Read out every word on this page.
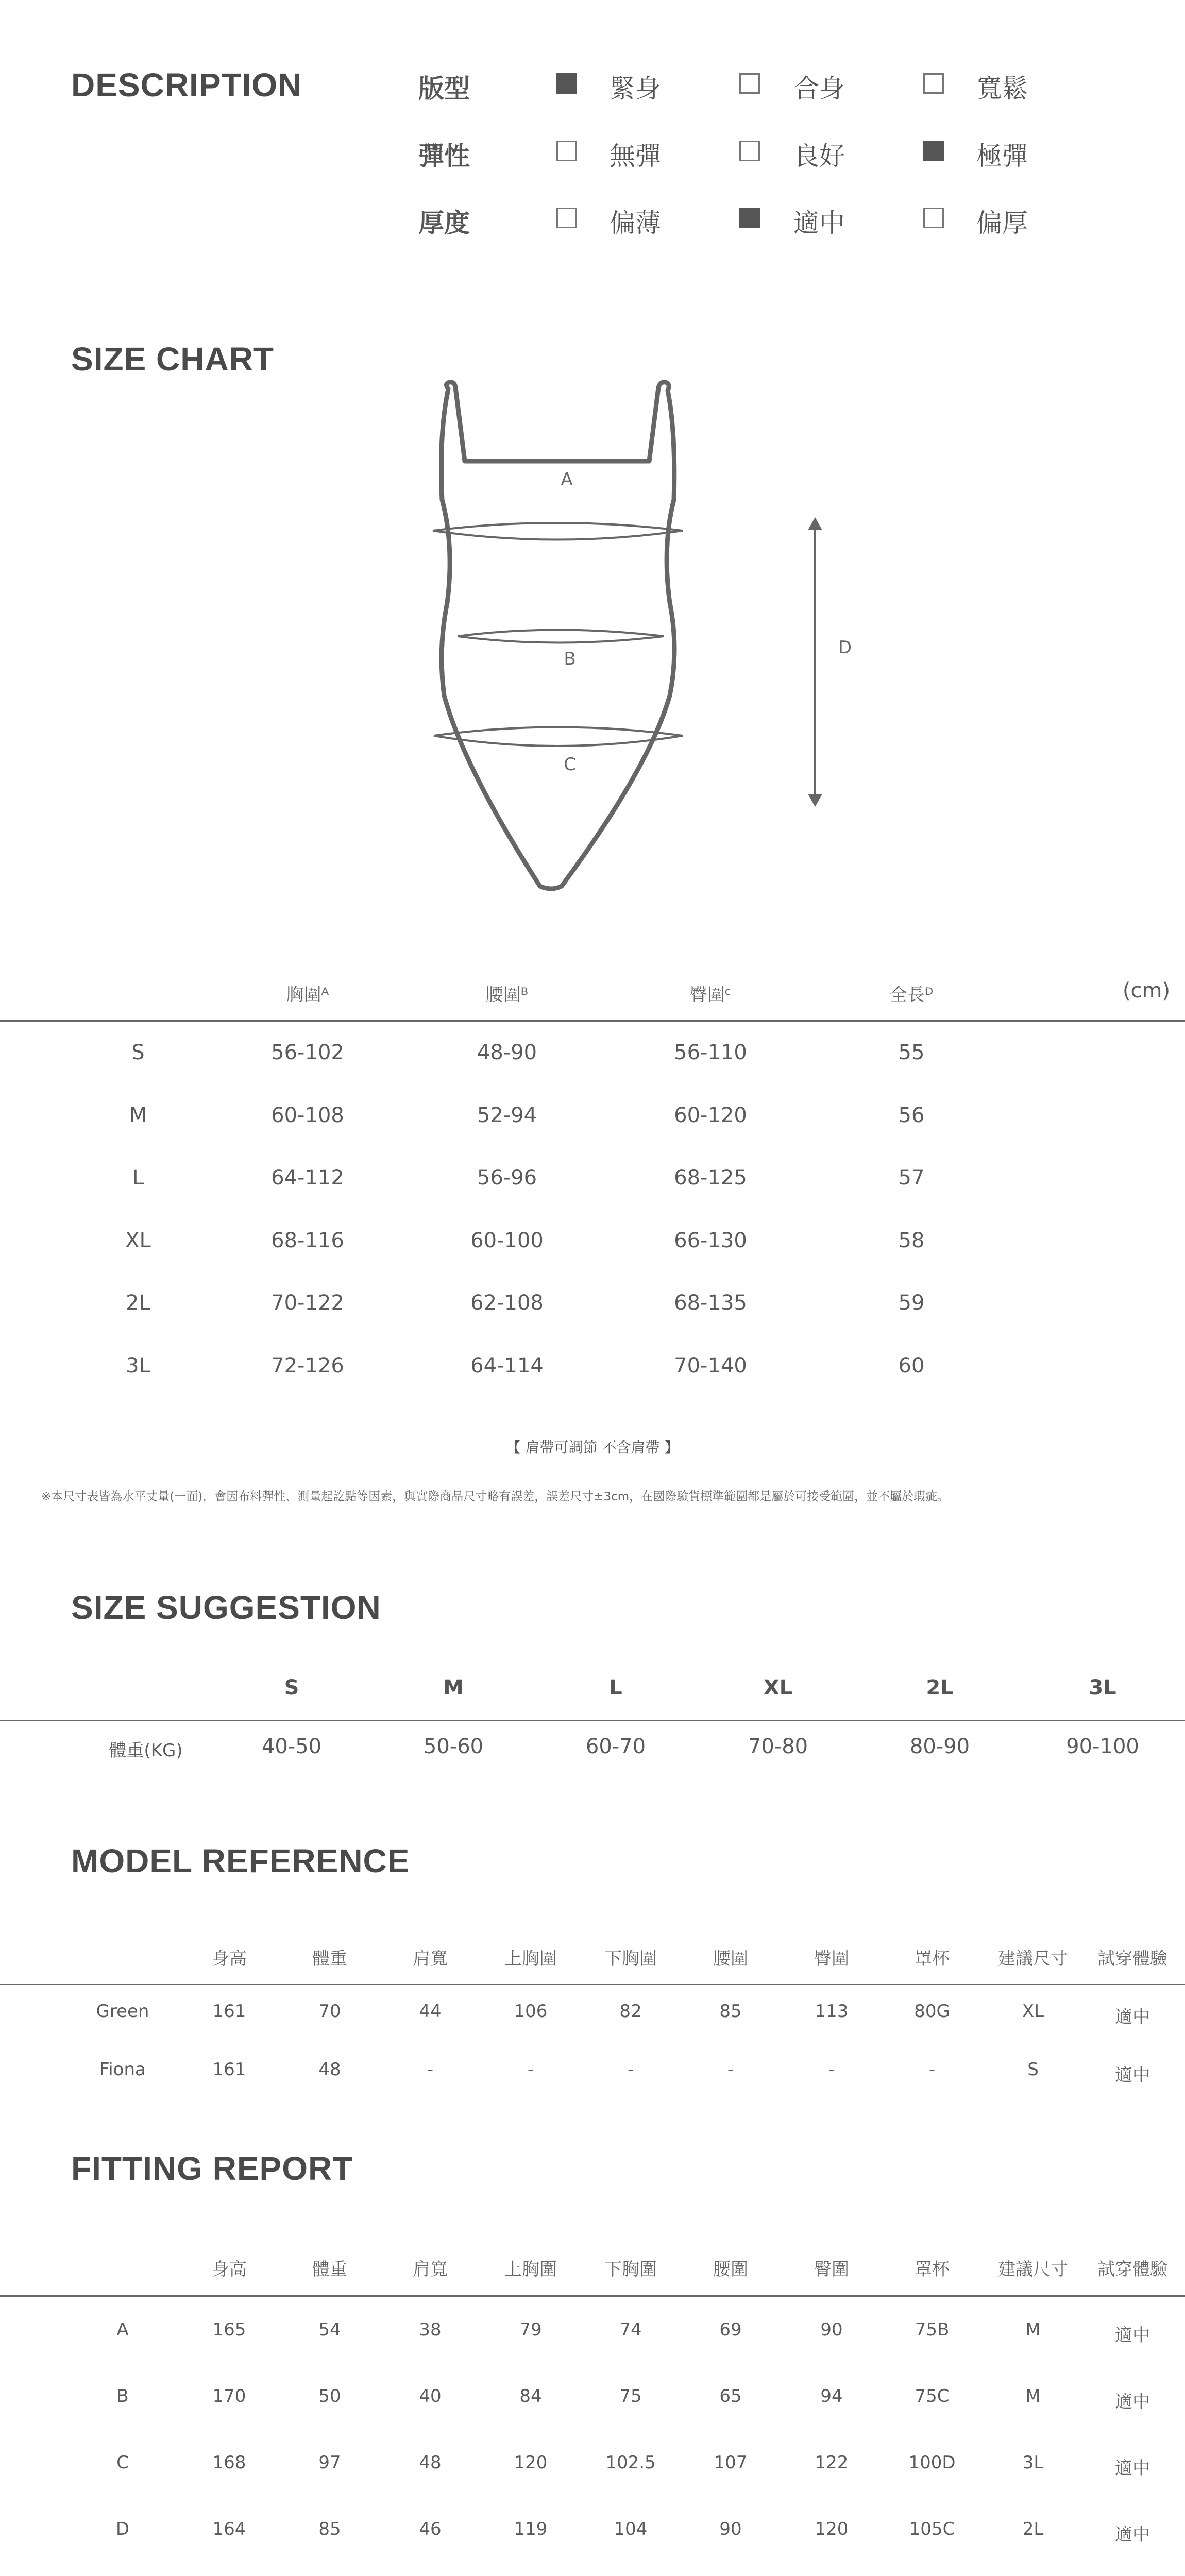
DESCRIPTION	版型	緊身	合身	寬鬆
彈性	無彈	良好	極彈
厚度	偏薄	適中	偏厚
SIZE CHART
A
B
C
D
胸圍ᴬ	腰圍ᴮ	臀圍ᶜ	全長ᴰ	(cm)
S	56-102	48-90	56-110	55
M	60-108	52-94	60-120	56
L	64-112	56-96	68-125	57
XL	68-116	60-100	66-130	58
2L	70-122	62-108	68-135	59
3L	72-126	64-114	70-140	60
【 肩帶可調節 不含肩帶 】
※本尺寸表皆為水平丈量(一面)，會因布料彈性、測量起訖點等因素，與實際商品尺寸略有誤差，誤差尺寸±3cm，在國際驗貨標準範圍都是屬於可接受範圍，並不屬於瑕疵。
SIZE SUGGESTION
S	M	L	XL	2L	3L
體重(KG)	40-50	50-60	60-70	70-80	80-90	90-100
MODEL REFERENCE
身高	體重	肩寬	上胸圍	下胸圍	腰圍	臀圍	罩杯	建議尺寸 試穿體驗
Green	161	70	44	106	82	85	113	80G	XL	適中
Fiona	161	48	-	-	-	-	-	-	S	適中
FITTING REPORT
身高	體重	肩寬	上胸圍	下胸圍	腰圍	臀圍	罩杯	建議尺寸 試穿體驗
A	165	54	38	79	74	69	90	75B	M	適中
B	170	50	40	84	75	65	94	75C	M	適中
C	168	97	48	120	102.5	107	122	100D	3L	適中
D	164	85	46	119	104	90	120	105C	2L	適中
